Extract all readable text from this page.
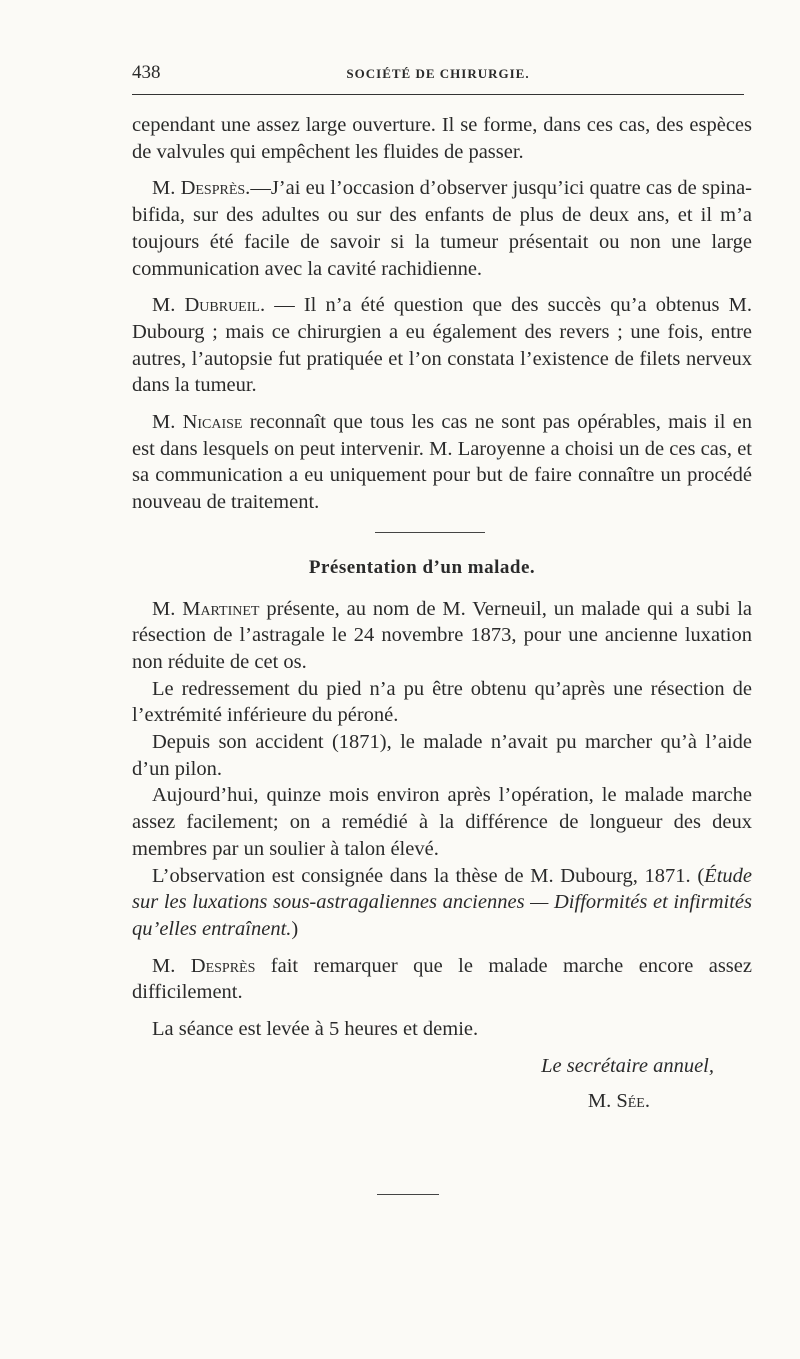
438	SOCIÉTÉ DE CHIRURGIE.

cependant une assez large ouverture. Il se forme, dans ces cas, des espèces de valvules qui empêchent les fluides de passer.

M. Desprès.—J’ai eu l’occasion d’observer jusqu’ici quatre cas de spina-bifida, sur des adultes ou sur des enfants de plus de deux ans, et il m’a toujours été facile de savoir si la tumeur présentait ou non une large communication avec la cavité rachidienne.

M. Dubrueil. — Il n’a été question que des succès qu’a obtenus M. Dubourg ; mais ce chirurgien a eu également des revers ; une fois, entre autres, l’autopsie fut pratiquée et l’on constata l’existence de filets nerveux dans la tumeur.

M. Nicaise reconnaît que tous les cas ne sont pas opérables, mais il en est dans lesquels on peut intervenir. M. Laroyenne a choisi un de ces cas, et sa communication a eu uniquement pour but de faire connaître un procédé nouveau de traitement.

Présentation d’un malade.

M. Martinet présente, au nom de M. Verneuil, un malade qui a subi la résection de l’astragale le 24 novembre 1873, pour une ancienne luxation non réduite de cet os.

Le redressement du pied n’a pu être obtenu qu’après une résection de l’extrémité inférieure du péroné.

Depuis son accident (1871), le malade n’avait pu marcher qu’à l’aide d’un pilon.

Aujourd’hui, quinze mois environ après l’opération, le malade marche assez facilement; on a remédié à la différence de longueur des deux membres par un soulier à talon élevé.

L’observation est consignée dans la thèse de M. Dubourg, 1871. (Étude sur les luxations sous-astragaliennes anciennes — Difformités et infirmités qu’elles entraînent.)

M. Desprès fait remarquer que le malade marche encore assez difficilement.

La séance est levée à 5 heures et demie.

Le secrétaire annuel,
M. Sée.
